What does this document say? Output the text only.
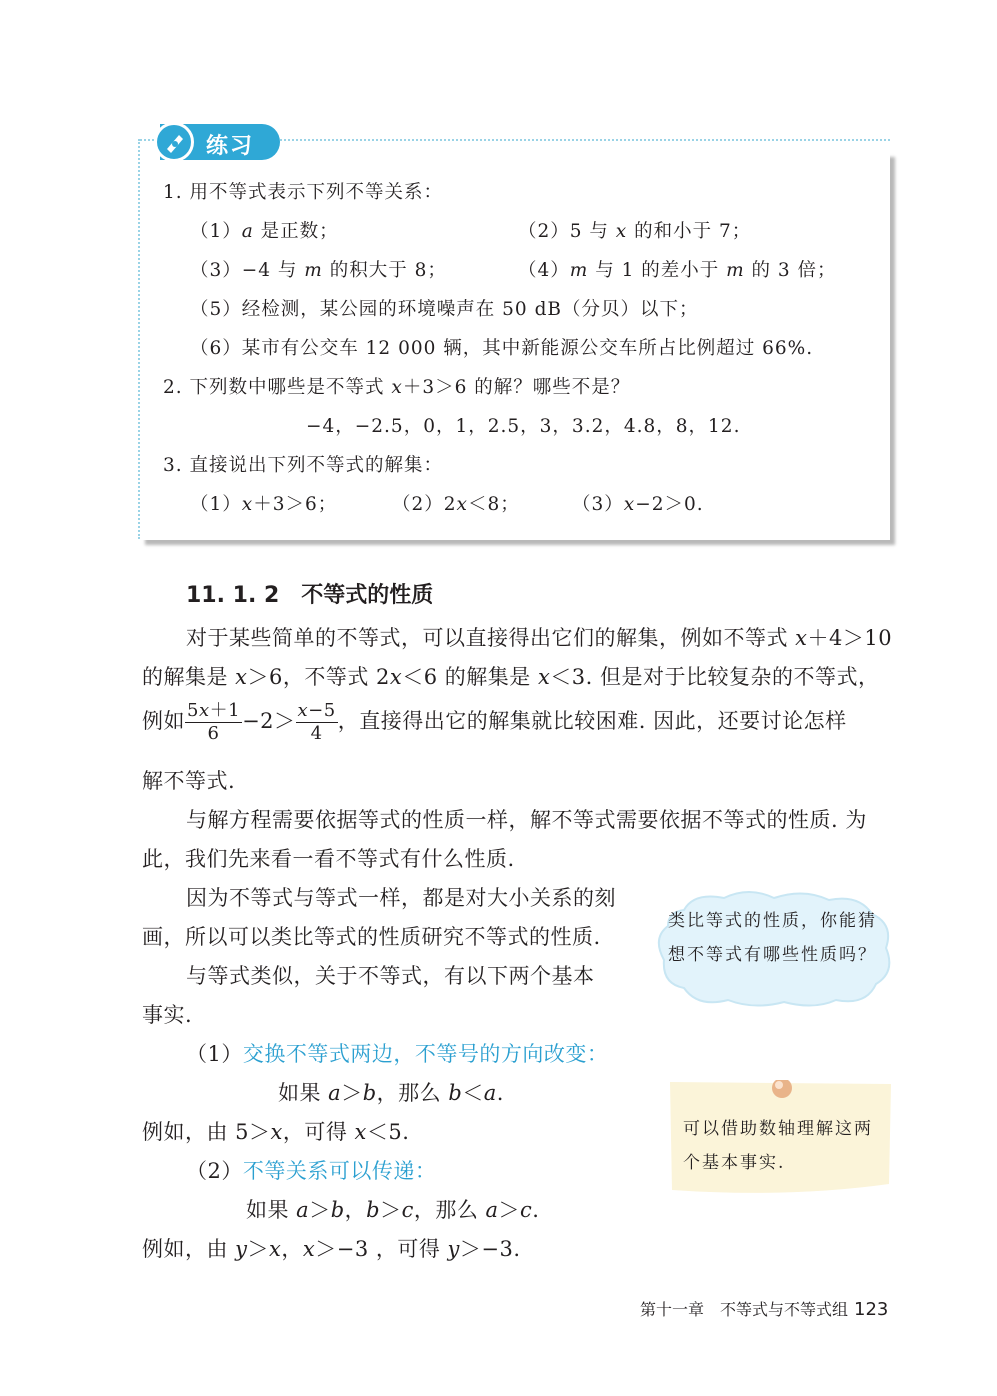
练习
1. 用不等式表示下列不等关系：
（1）𝑎 是正数；	（2）5 与 𝑥 的和小于 7；
（3）−4 与 𝑚 的积大于 8；	（4）𝑚 与 1 的差小于 𝑚 的 3 倍；
（5）经检测，某公园的环境噪声在 50 dB（分贝）以下；
（6）某市有公交车 12 000 辆，其中新能源公交车所占比例超过 66%.
2. 下列数中哪些是不等式 𝑥＋3＞6 的解？哪些不是？
−4，−2.5，0，1，2.5，3，3.2，4.8，8，12.
3. 直接说出下列不等式的解集：
（1）𝑥＋3＞6；	（2）2𝑥＜8；	（3）𝑥−2＞0.
11. 1. 2 不等式的性质
对于某些简单的不等式，可以直接得出它们的解集，例如不等式 𝑥＋4＞10
的解集是 𝑥＞6，不等式 2𝑥＜6 的解集是 𝑥＜3. 但是对于比较复杂的不等式，
例如 $\frac{\text{5𝑥＋1}}{6} -2> \frac{\text{𝑥−5}}{4}$ ，直接得出它的解集就比较困难. 因此，还要讨论怎样
解不等式.
与解方程需要依据等式的性质一样，解不等式需要依据不等式的性质. 为
此，我们先来看一看不等式有什么性质.
因为不等式与等式一样，都是对大小关系的刻
画，所以可以类比等式的性质研究不等式的性质.
与等式类似，关于不等式，有以下两个基本
事实.
（1）交换不等式两边，不等号的方向改变：
如果 𝑎＞𝑏，那么 𝑏＜𝑎.
例如，由 5＞𝑥，可得 𝑥＜5.
（2）不等关系可以传递：
如果 𝑎＞𝑏，𝑏＞𝑐，那么 𝑎＞𝑐.
例如，由 𝑦＞𝑥，𝑥＞−3 ，可得 𝑦＞−3.
类比等式的性质，你能猜想不等式有哪些性质吗？
可以借助数轴理解这两个基本事实.
第十一章　不等式与不等式组 123
